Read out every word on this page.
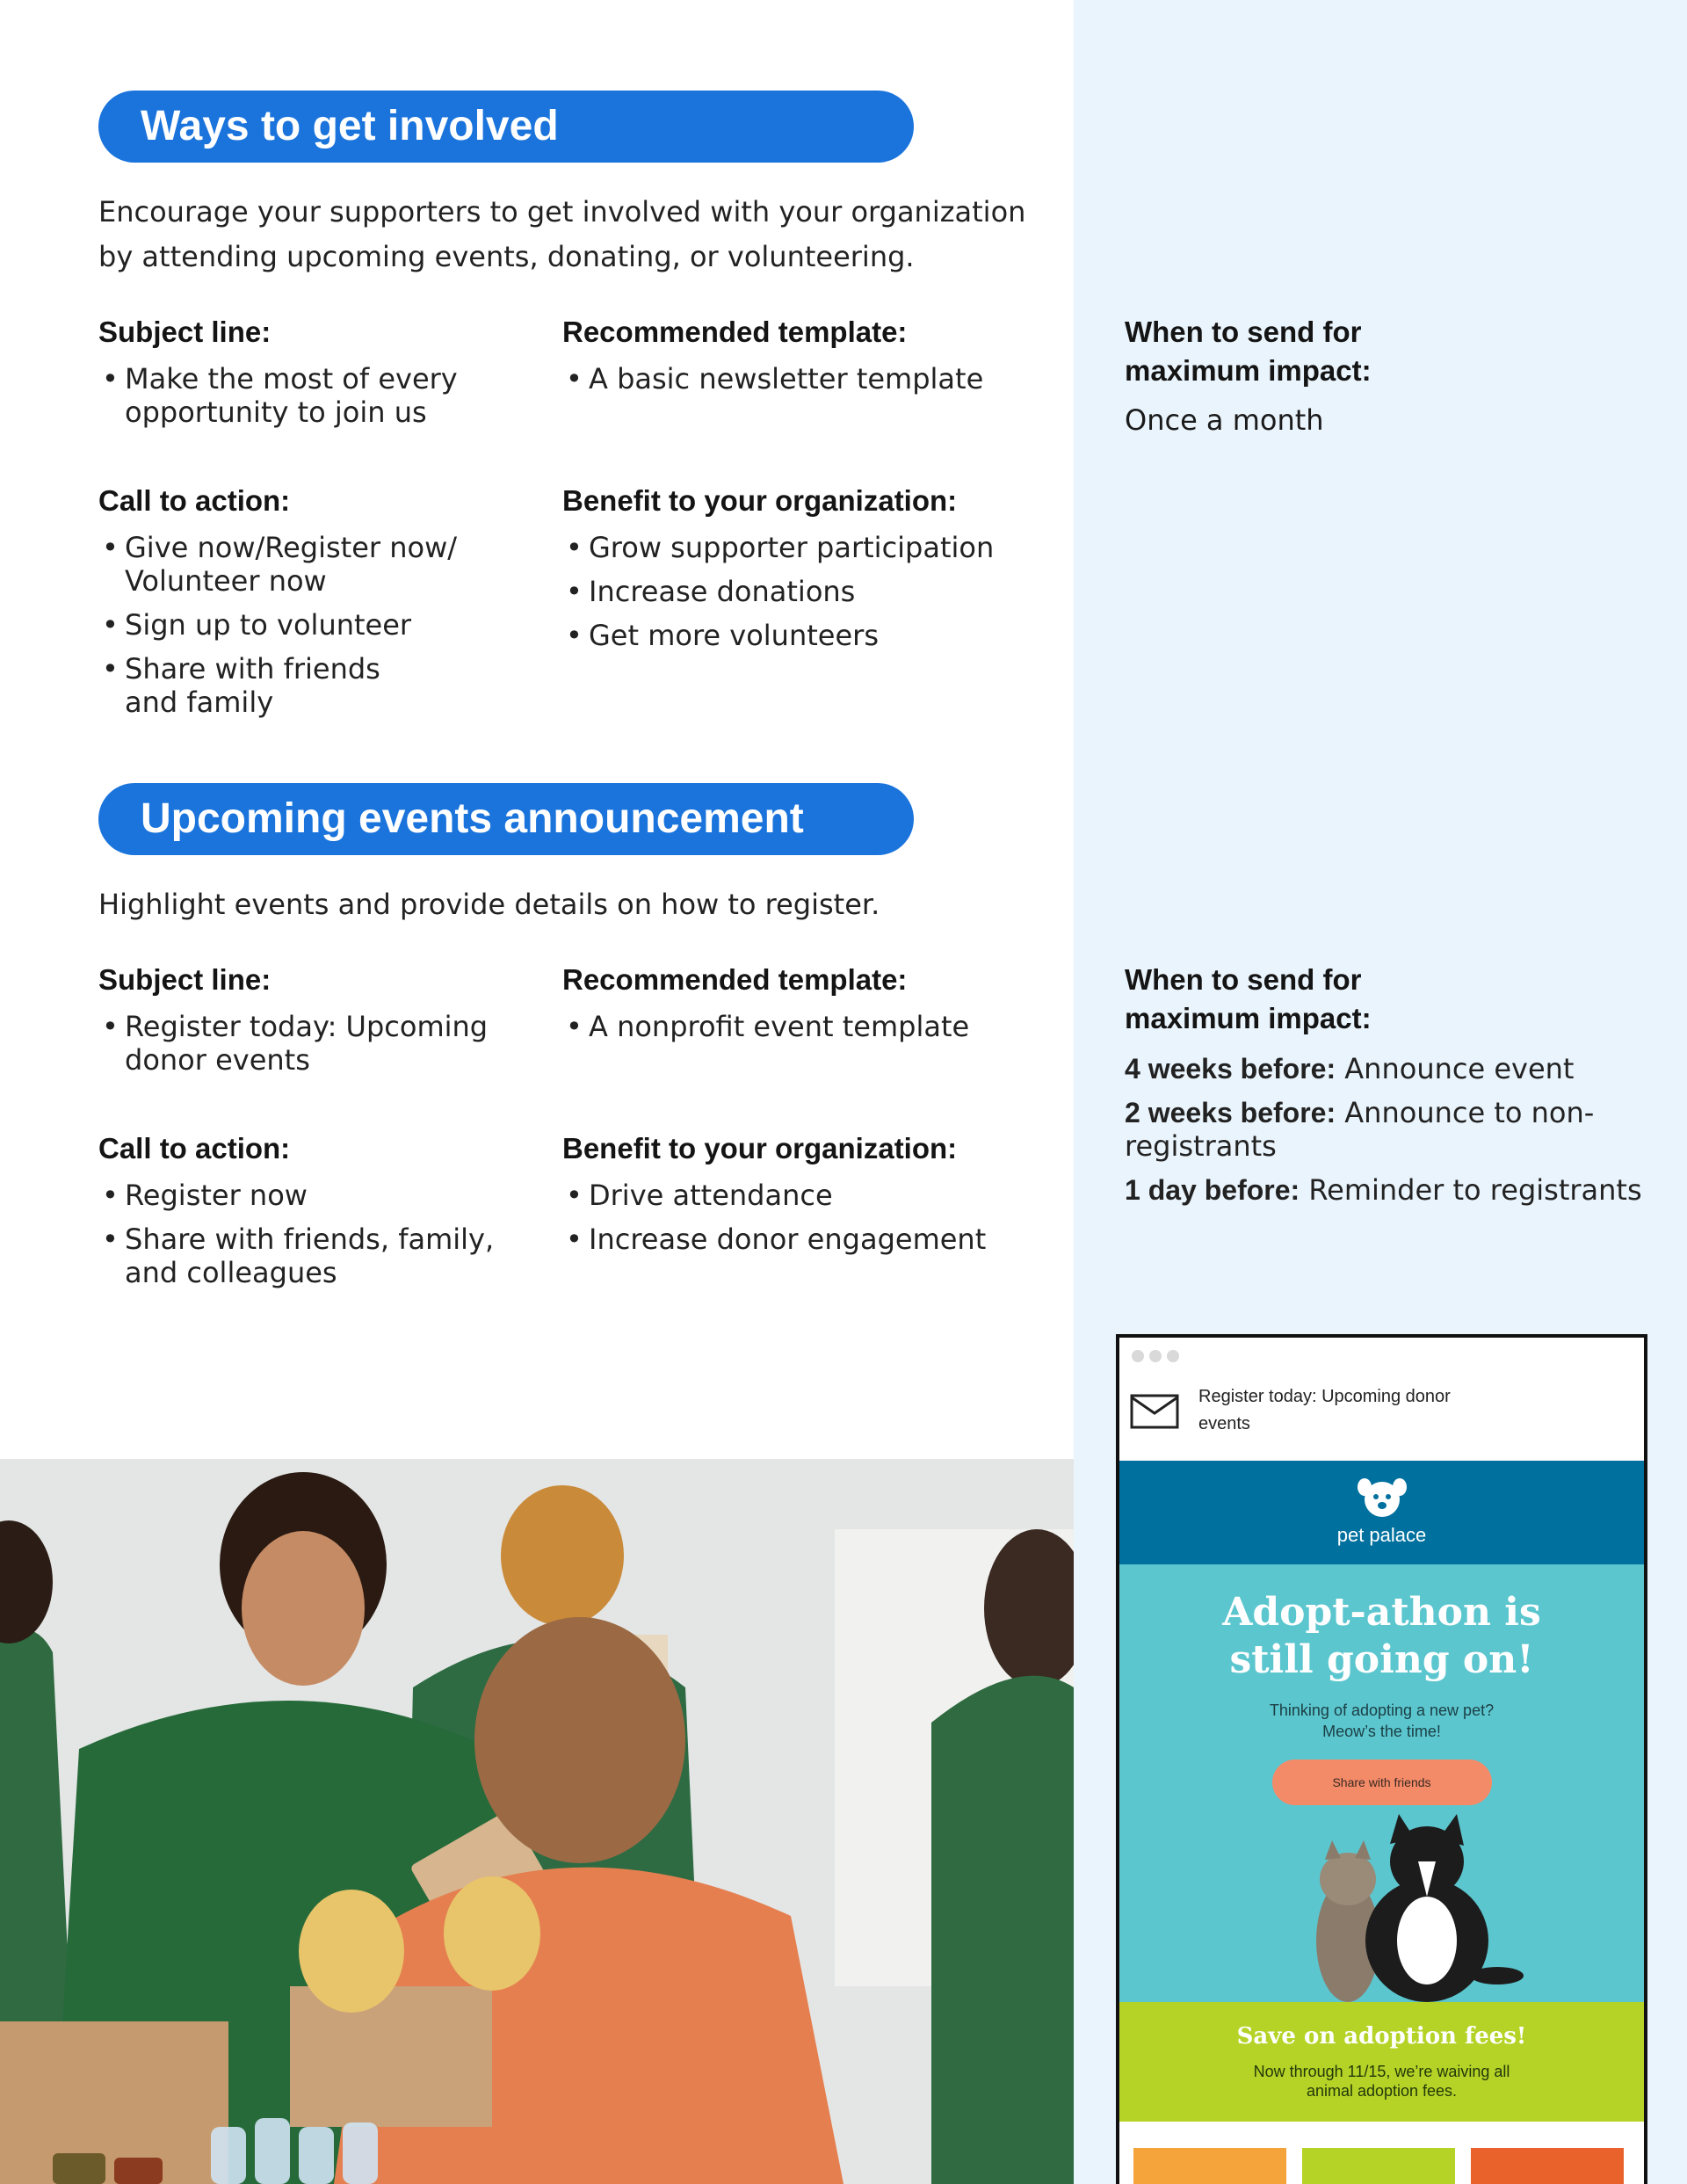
Ways to get involved
Encourage your supporters to get involved with your organization by attending upcoming events, donating, or volunteering.
Subject line:
• Make the most of every opportunity to join us
Recommended template:
• A basic newsletter template
When to send for maximum impact:
Once a month
Call to action:
• Give now/Register now/ Volunteer now
• Sign up to volunteer
• Share with friends and family
Benefit to your organization:
• Grow supporter participation
• Increase donations
• Get more volunteers
Upcoming events announcement
Highlight events and provide details on how to register.
Subject line:
• Register today: Upcoming donor events
Recommended template:
• A nonprofit event template
When to send for maximum impact:

4 weeks before: Announce event

2 weeks before: Announce to non-registrants

1 day before: Reminder to registrants

Call to action:
• Register now
• Share with friends, family, and colleagues
Benefit to your organization:
• Drive attendance
• Increase donor engagement
Register today: Upcoming donor events
pet palace
Adopt-athon is still going on!
Thinking of adopting a new pet? Meow’s the time!
Share with friends
Save on adoption fees!

Now through 11/15, we’re waiving all animal adoption fees.
